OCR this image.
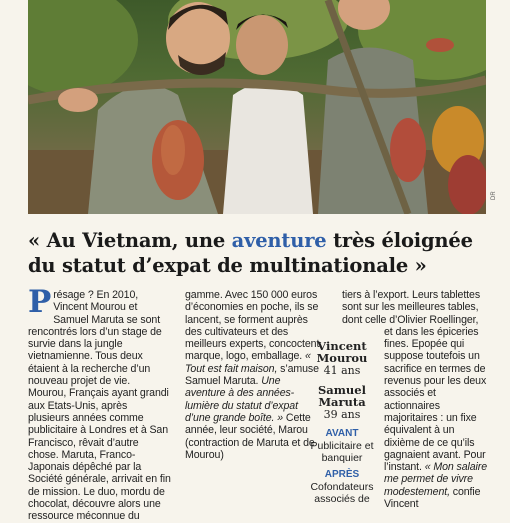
DR
« Au Vietnam, une aventure très éloignée du statut d’expat de multinationale »
Présage ? En 2010, Vincent Mourou et Samuel Maruta se sont rencontrés lors d’un stage de survie dans la jungle vietnamienne. Tous deux étaient à la recherche d’un nouveau projet de vie. Mourou, Français ayant grandi aux Etats-Unis, après plusieurs années comme publicitaire à Londres et à San Francisco, rêvait d’autre chose. Maruta, Franco-Japonais dépêché par la Société générale, arrivait en fin de mission. Le duo, mordu de chocolat, découvre alors une ressource méconnue du
gamme. Avec 150 000 euros d’économies en poche, ils se lancent, se forment auprès des cultivateurs et des meilleurs experts, concoctent marque, logo, emballage. « Tout est fait maison, s’amuse Samuel Maruta. Une aventure à des années-lumière du statut d’expat d’une grande boîte. » Cette année, leur société, Marou (contraction de Maruta et de Mourou)
Vincent Mourou
41 ans
Samuel Maruta
39 ans
AVANT
Publicitaire et banquier
APRÈS
Cofondateurs associés de
tiers à l’export. Leurs tablettes sont sur les meilleures tables, dont celle d’Olivier Roellinger,
et dans les épiceries fines. Epopée qui suppose toutefois un sacrifice en termes de revenus pour les deux associés et actionnaires majoritaires : un fixe équivalent à un dixième de ce qu’ils gagnaient avant. Pour l’instant. « Mon salaire me permet de vivre modestement, confie Vincent
